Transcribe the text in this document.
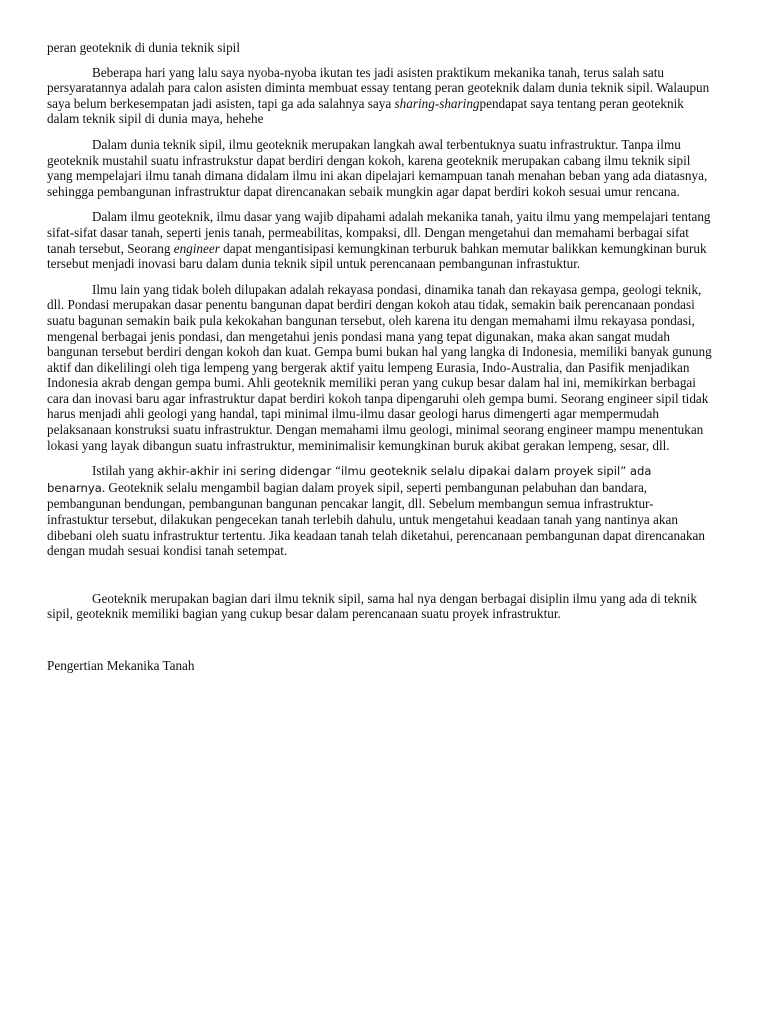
peran geoteknik di dunia teknik sipil

Beberapa hari yang lalu saya nyoba-nyoba ikutan tes jadi asisten praktikum mekanika tanah, terus salah satu persyaratannya adalah para calon asisten diminta membuat essay tentang peran geoteknik dalam dunia teknik sipil. Walaupun saya belum berkesempatan jadi asisten, tapi ga ada salahnya saya sharing-sharingpendapat saya tentang peran geoteknik dalam teknik sipil di dunia maya, hehehe

Dalam dunia teknik sipil, ilmu geoteknik merupakan langkah awal terbentuknya suatu infrastruktur. Tanpa ilmu geoteknik mustahil suatu infrastrukstur dapat berdiri dengan kokoh, karena geoteknik merupakan cabang ilmu teknik sipil yang mempelajari ilmu tanah dimana didalam ilmu ini akan dipelajari kemampuan tanah menahan beban yang ada diatasnya, sehingga pembangunan infrastruktur dapat direncanakan sebaik mungkin agar dapat berdiri kokoh sesuai umur rencana.

Dalam ilmu geoteknik, ilmu dasar yang wajib dipahami adalah mekanika tanah, yaitu ilmu yang mempelajari tentang sifat-sifat dasar tanah, seperti jenis tanah, permeabilitas, kompaksi, dll. Dengan mengetahui dan memahami berbagai sifat tanah tersebut, Seorang engineer dapat mengantisipasi kemungkinan terburuk bahkan memutar balikkan kemungkinan buruk tersebut menjadi inovasi baru dalam dunia teknik sipil untuk perencanaan pembangunan infrastuktur.

Ilmu lain yang tidak boleh dilupakan adalah rekayasa pondasi, dinamika tanah dan rekayasa gempa, geologi teknik, dll. Pondasi merupakan dasar penentu bangunan dapat berdiri dengan kokoh atau tidak, semakin baik perencanaan pondasi suatu bagunan semakin baik pula kekokahan bangunan tersebut, oleh karena itu dengan memahami ilmu rekayasa pondasi, mengenal berbagai jenis pondasi, dan mengetahui jenis pondasi mana yang tepat digunakan, maka akan sangat mudah bangunan tersebut berdiri dengan kokoh dan kuat. Gempa bumi bukan hal yang langka di Indonesia, memiliki banyak gunung aktif dan dikelilingi oleh tiga lempeng yang bergerak aktif yaitu lempeng Eurasia, Indo-Australia, dan Pasifik menjadikan Indonesia akrab dengan gempa bumi. Ahli geoteknik memiliki peran yang cukup besar dalam hal ini, memikirkan berbagai cara dan inovasi baru agar infrastruktur dapat berdiri kokoh tanpa dipengaruhi oleh gempa bumi. Seorang engineer sipil tidak harus menjadi ahli geologi yang handal, tapi minimal ilmu-ilmu dasar geologi harus dimengerti agar mempermudah pelaksanaan konstruksi suatu infrastruktur. Dengan memahami ilmu geologi, minimal seorang engineer mampu menentukan lokasi yang layak dibangun suatu infrastruktur, meminimalisir kemungkinan buruk akibat gerakan lempeng, sesar, dll.

Istilah yang akhir-akhir ini sering didengar “ilmu geoteknik selalu dipakai dalam proyek sipil” ada benarnya. Geoteknik selalu mengambil bagian dalam proyek sipil, seperti pembangunan pelabuhan dan bandara, pembangunan bendungan, pembangunan bangunan pencakar langit, dll. Sebelum membangun semua infrastruktur-infrastuktur tersebut, dilakukan pengecekan tanah terlebih dahulu, untuk mengetahui keadaan tanah yang nantinya akan dibebani oleh suatu infrastruktur tertentu. Jika keadaan tanah telah diketahui, perencanaan pembangunan dapat direncanakan dengan mudah sesuai kondisi tanah setempat.

Geoteknik merupakan bagian dari ilmu teknik sipil, sama hal nya dengan berbagai disiplin ilmu yang ada di teknik sipil, geoteknik memiliki bagian yang cukup besar dalam perencanaan suatu proyek infrastruktur.

Pengertian Mekanika Tanah
